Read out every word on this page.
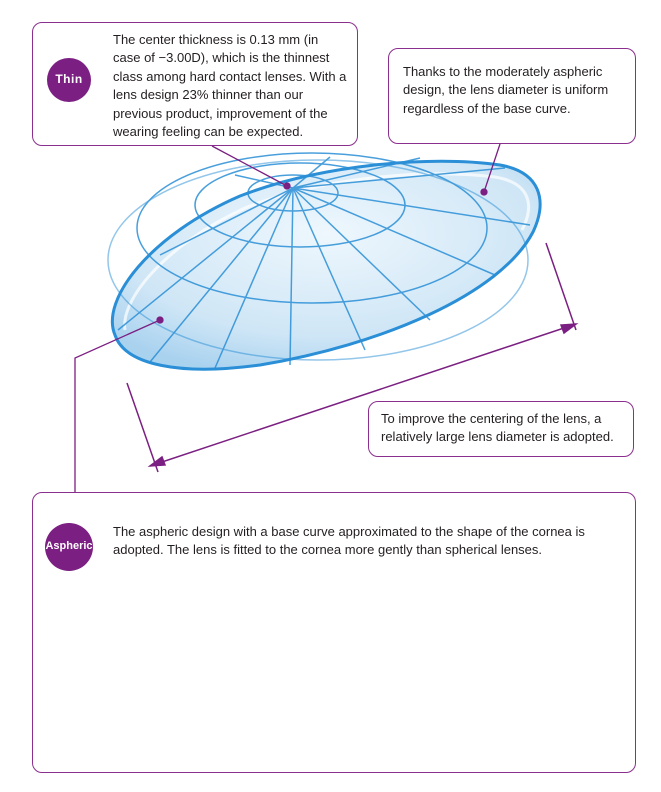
Thin
The center thickness is 0.13 mm (in case of −3.00D), which is the thinnest class among hard contact lenses. With a lens design 23% thinner than our previous product, improvement of the wearing feeling can be expected.
Thanks to the moderately aspheric design, the lens diameter is uniform regardless of the base curve.
To improve the centering of the lens, a relatively large lens diameter is adopted.
Aspheric
The aspheric design with a base curve approximated to the shape of the cornea is adopted. The lens is fitted to the cornea more gently than spherical lenses.
